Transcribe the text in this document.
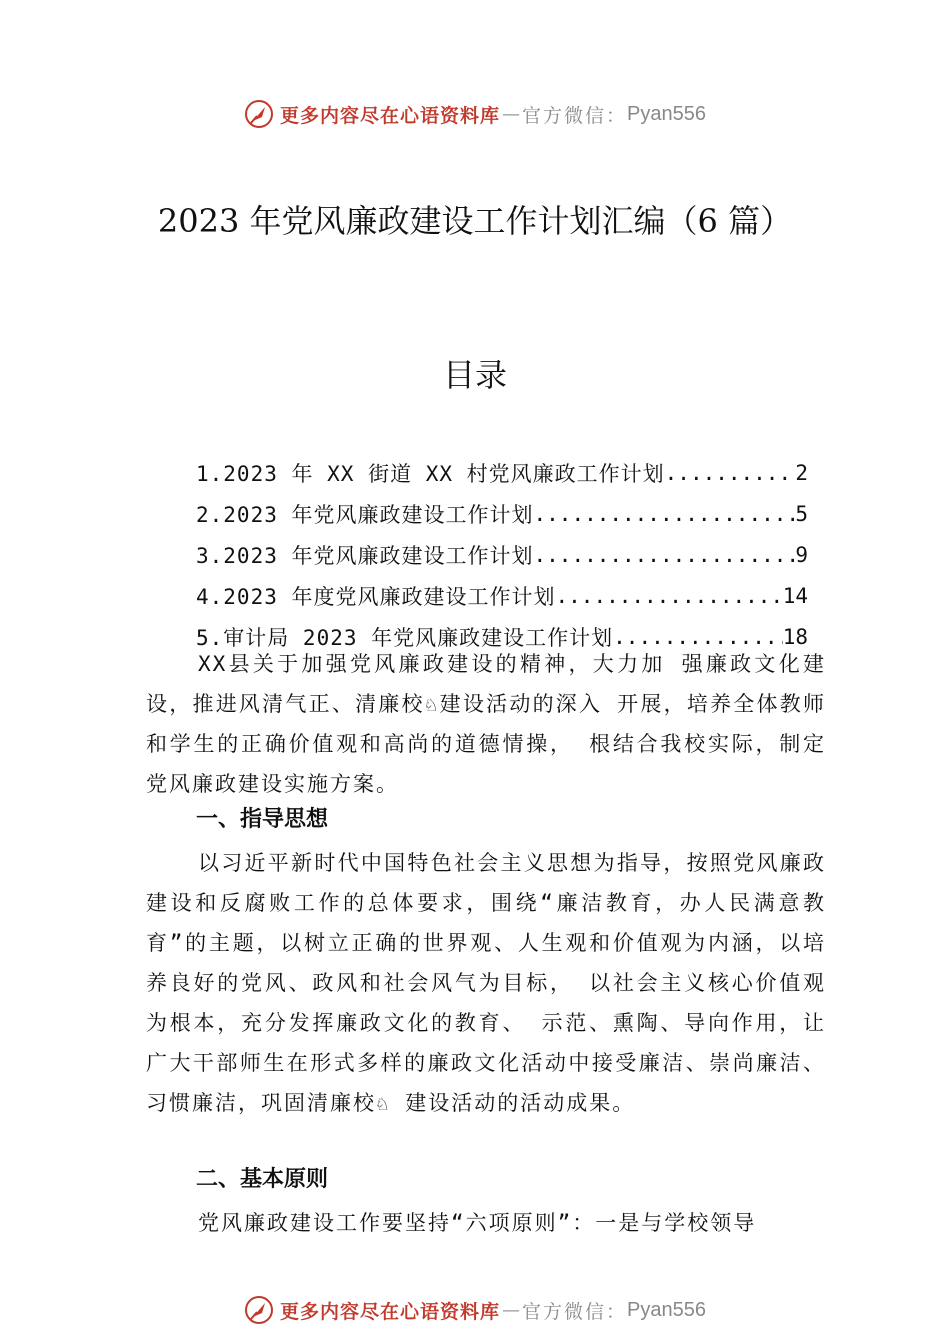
更多内容尽在心语资料库 — 官方微信： Pyan556
2023 年党风廉政建设工作计划汇编（6 篇）
目录
1.2023 年 XX 街道 XX 村党风廉政工作计划 .....	2
2.2023 年党风廉政建设工作计划 .....	5
3.2023 年党风廉政建设工作计划 .....	9
4.2023 年度党风廉政建设工作计划 .....	14
5.审计局 2023 年党风廉政建设工作计划 .....	18
XX县关于加强党风廉政建设的精神，大力加 强廉政文化建设，推进风清气正、清廉校♘建设活动的深入 开展，培养全体教师和学生的正确价值观和高尚的道德情操， 根结合我校实际，制定党风廉政建设实施方案。
一、指导思想
以习近平新时代中国特色社会主义思想为指导，按照党风廉政建设和反腐败工作的总体要求，围绕“廉洁教育，办人民满意教育”的主题，以树立正确的世界观、人生观和价值观为内涵，以培养良好的党风、政风和社会风气为目标， 以社会主义核心价值观为根本，充分发挥廉政文化的教育、 示范、熏陶、导向作用，让广大干部师生在形式多样的廉政文化活动中接受廉洁、崇尚廉洁、习惯廉洁，巩固清廉校♘ 建设活动的活动成果。
二、基本原则
党风廉政建设工作要坚持“六项原则”：一是与学校领导
更多内容尽在心语资料库 — 官方微信： Pyan556
